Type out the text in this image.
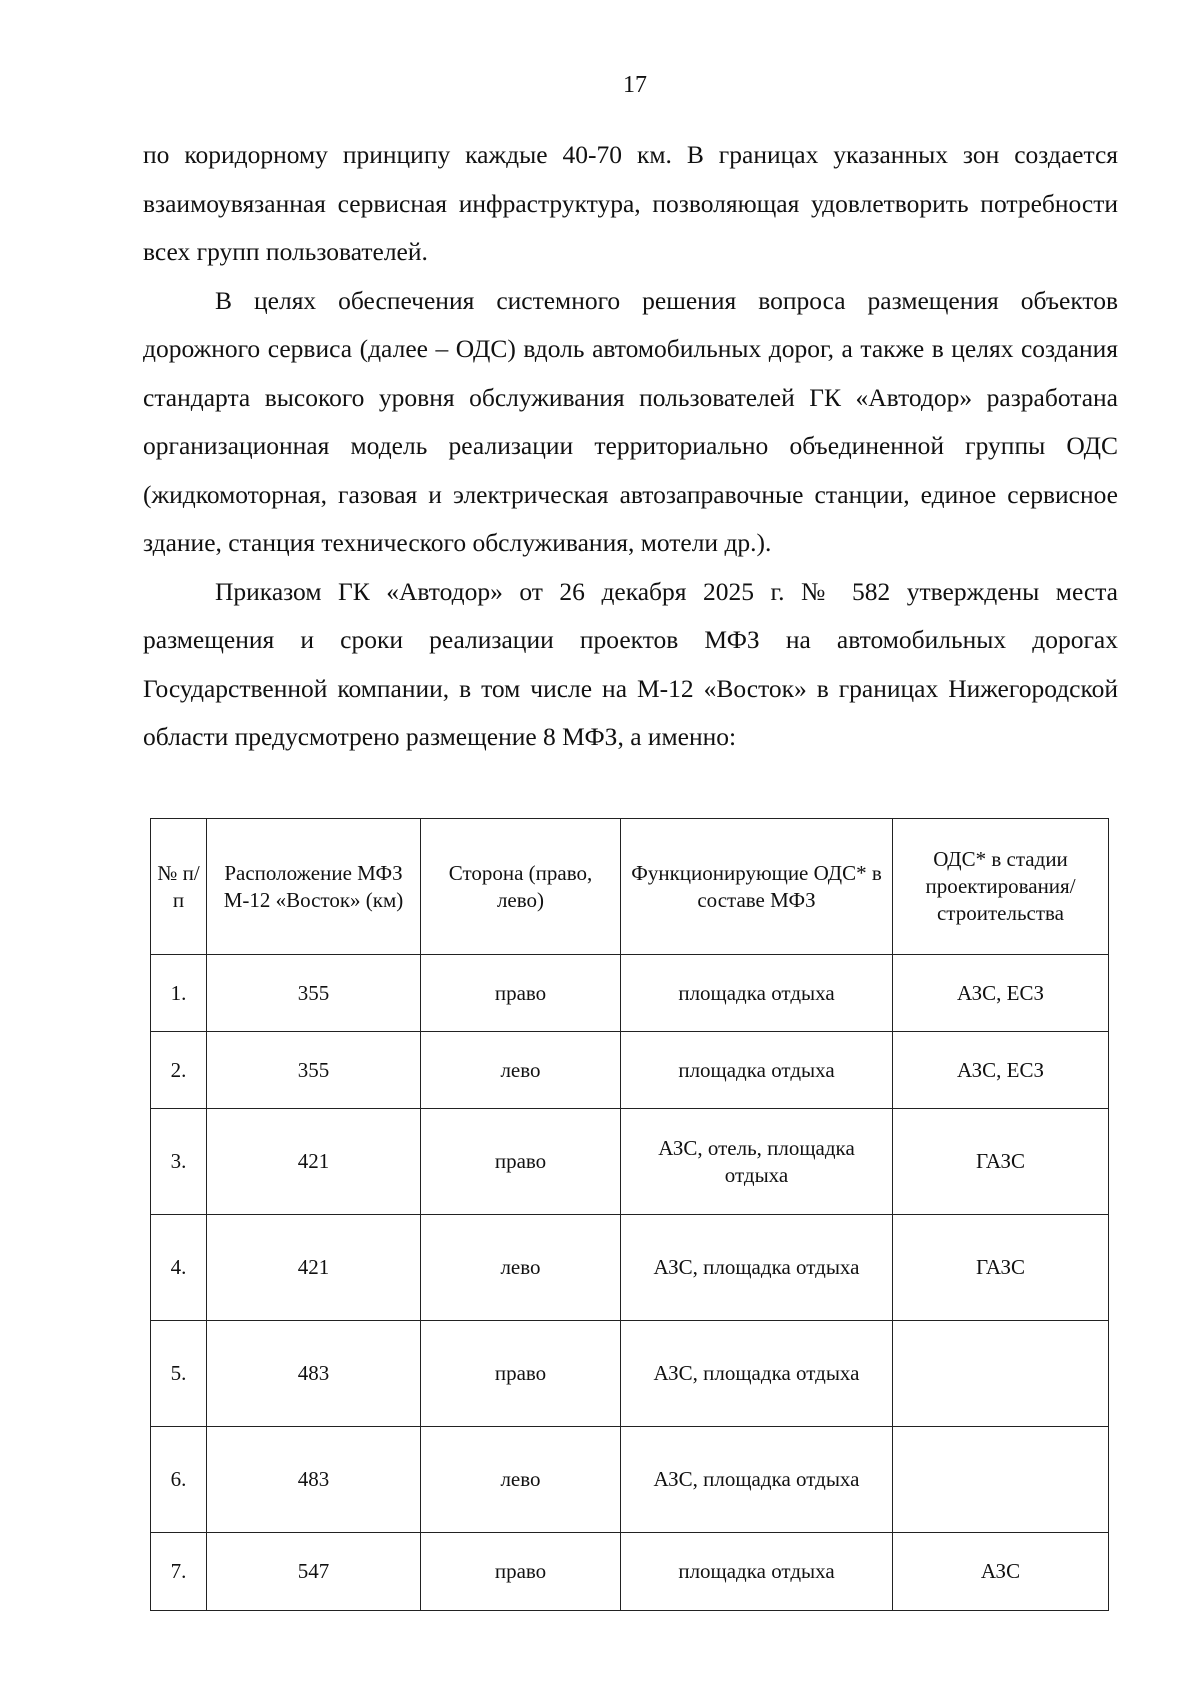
17

по коридорному принципу каждые 40-70 км. В границах указанных зон создается взаимоувязанная сервисная инфраструктура, позволяющая удовлетворить потребности всех групп пользователей.

В целях обеспечения системного решения вопроса размещения объектов дорожного сервиса (далее – ОДС) вдоль автомобильных дорог, а также в целях создания стандарта высокого уровня обслуживания пользователей ГК «Автодор» разработана организационная модель реализации территориально объединенной группы ОДС (жидкомоторная, газовая и электрическая автозаправочные станции, единое сервисное здание, станция технического обслуживания, мотели др.).

Приказом ГК «Автодор» от 26 декабря 2025 г. № 582 утверждены места размещения и сроки реализации проектов МФЗ на автомобильных дорогах Государственной компании, в том числе на М-12 «Восток» в границах Нижегородской области предусмотрено размещение 8 МФЗ, а именно:

№ п/п	Расположение МФЗ М-12 «Восток» (км)	Сторона (право, лево)	Функционирующие ОДС* в составе МФЗ	ОДС* в стадии проектирования/ строительства
1.	355	право	площадка отдыха	АЗС, ЕСЗ
2.	355	лево	площадка отдыха	АЗС, ЕСЗ
3.	421	право	АЗС, отель, площадка отдыха	ГАЗС
4.	421	лево	АЗС, площадка отдыха	ГАЗС
5.	483	право	АЗС, площадка отдыха	
6.	483	лево	АЗС, площадка отдыха	
7.	547	право	площадка отдыха	АЗС
